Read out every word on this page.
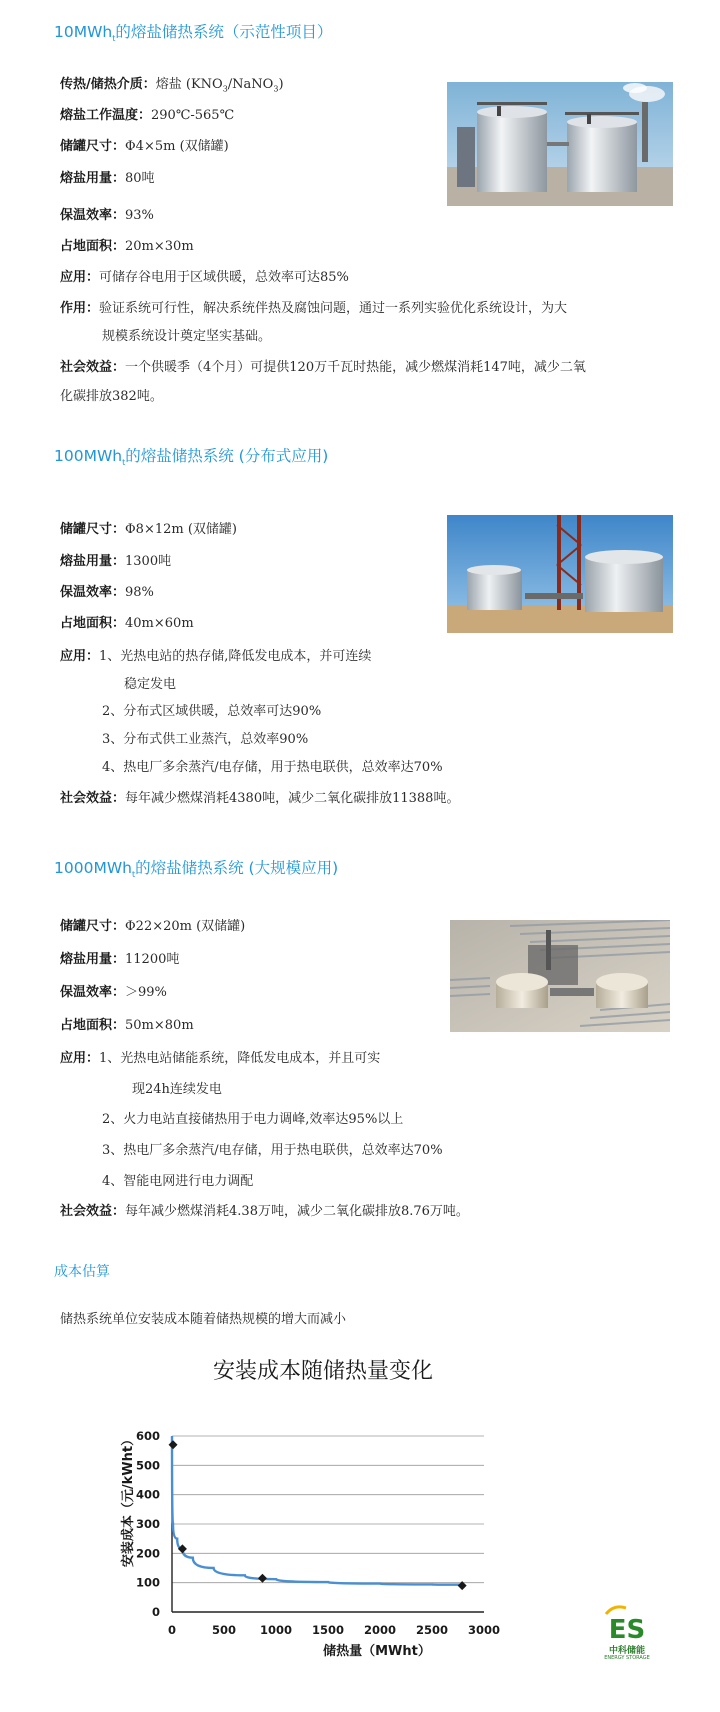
10MWh$_t$的熔盐储热系统（示范性项目）
传热/储热介质：熔盐 $(KNO_3/NaNO_3)$
熔盐工作温度：290℃-565℃
储罐尺寸：Φ4×5m (双储罐)
熔盐用量：80吨
保温效率：93%
占地面积：20m×30m
应用：可储存谷电用于区域供暖，总效率可达85%
作用：验证系统可行性，解决系统伴热及腐蚀问题，通过一系列实验优化系统设计，为大
规模系统设计奠定坚实基础。
社会效益：一个供暖季（4个月）可提供120万千瓦时热能，减少燃煤消耗147吨，减少二氧
化碳排放382吨。
100MWh$_t$的熔盐储热系统 (分布式应用)
储罐尺寸：Φ8×12m (双储罐)
熔盐用量：1300吨
保温效率：98%
占地面积：40m×60m
应用：1、光热电站的热存储,降低发电成本，并可连续
稳定发电
2、分布式区域供暖，总效率可达90%
3、分布式供工业蒸汽，总效率90%
4、热电厂多余蒸汽/电存储，用于热电联供，总效率达70%
社会效益：每年减少燃煤消耗4380吨，减少二氧化碳排放11388吨。
1000MWh$_t$的熔盐储热系统 (大规模应用)
储罐尺寸：Φ22×20m (双储罐)
熔盐用量：11200吨
保温效率：＞99%
占地面积：50m×80m
应用：1、光热电站储能系统，降低发电成本，并且可实
现24h连续发电
2、火力电站直接储热用于电力调峰,效率达95%以上
3、热电厂多余蒸汽/电存储，用于热电联供，总效率达70%
4、智能电网进行电力调配
社会效益：每年减少燃煤消耗4.38万吨，减少二氧化碳排放8.76万吨。
成本估算
储热系统单位安装成本随着储热规模的增大而减小
安装成本随储热量变化
0
100
200
300
400
500
600
0	500 1000 1500 2000 2500 3000
储热量（MWht）
安装成本（元/kWht）
ES
中科储能
ENERGY STORAGE
